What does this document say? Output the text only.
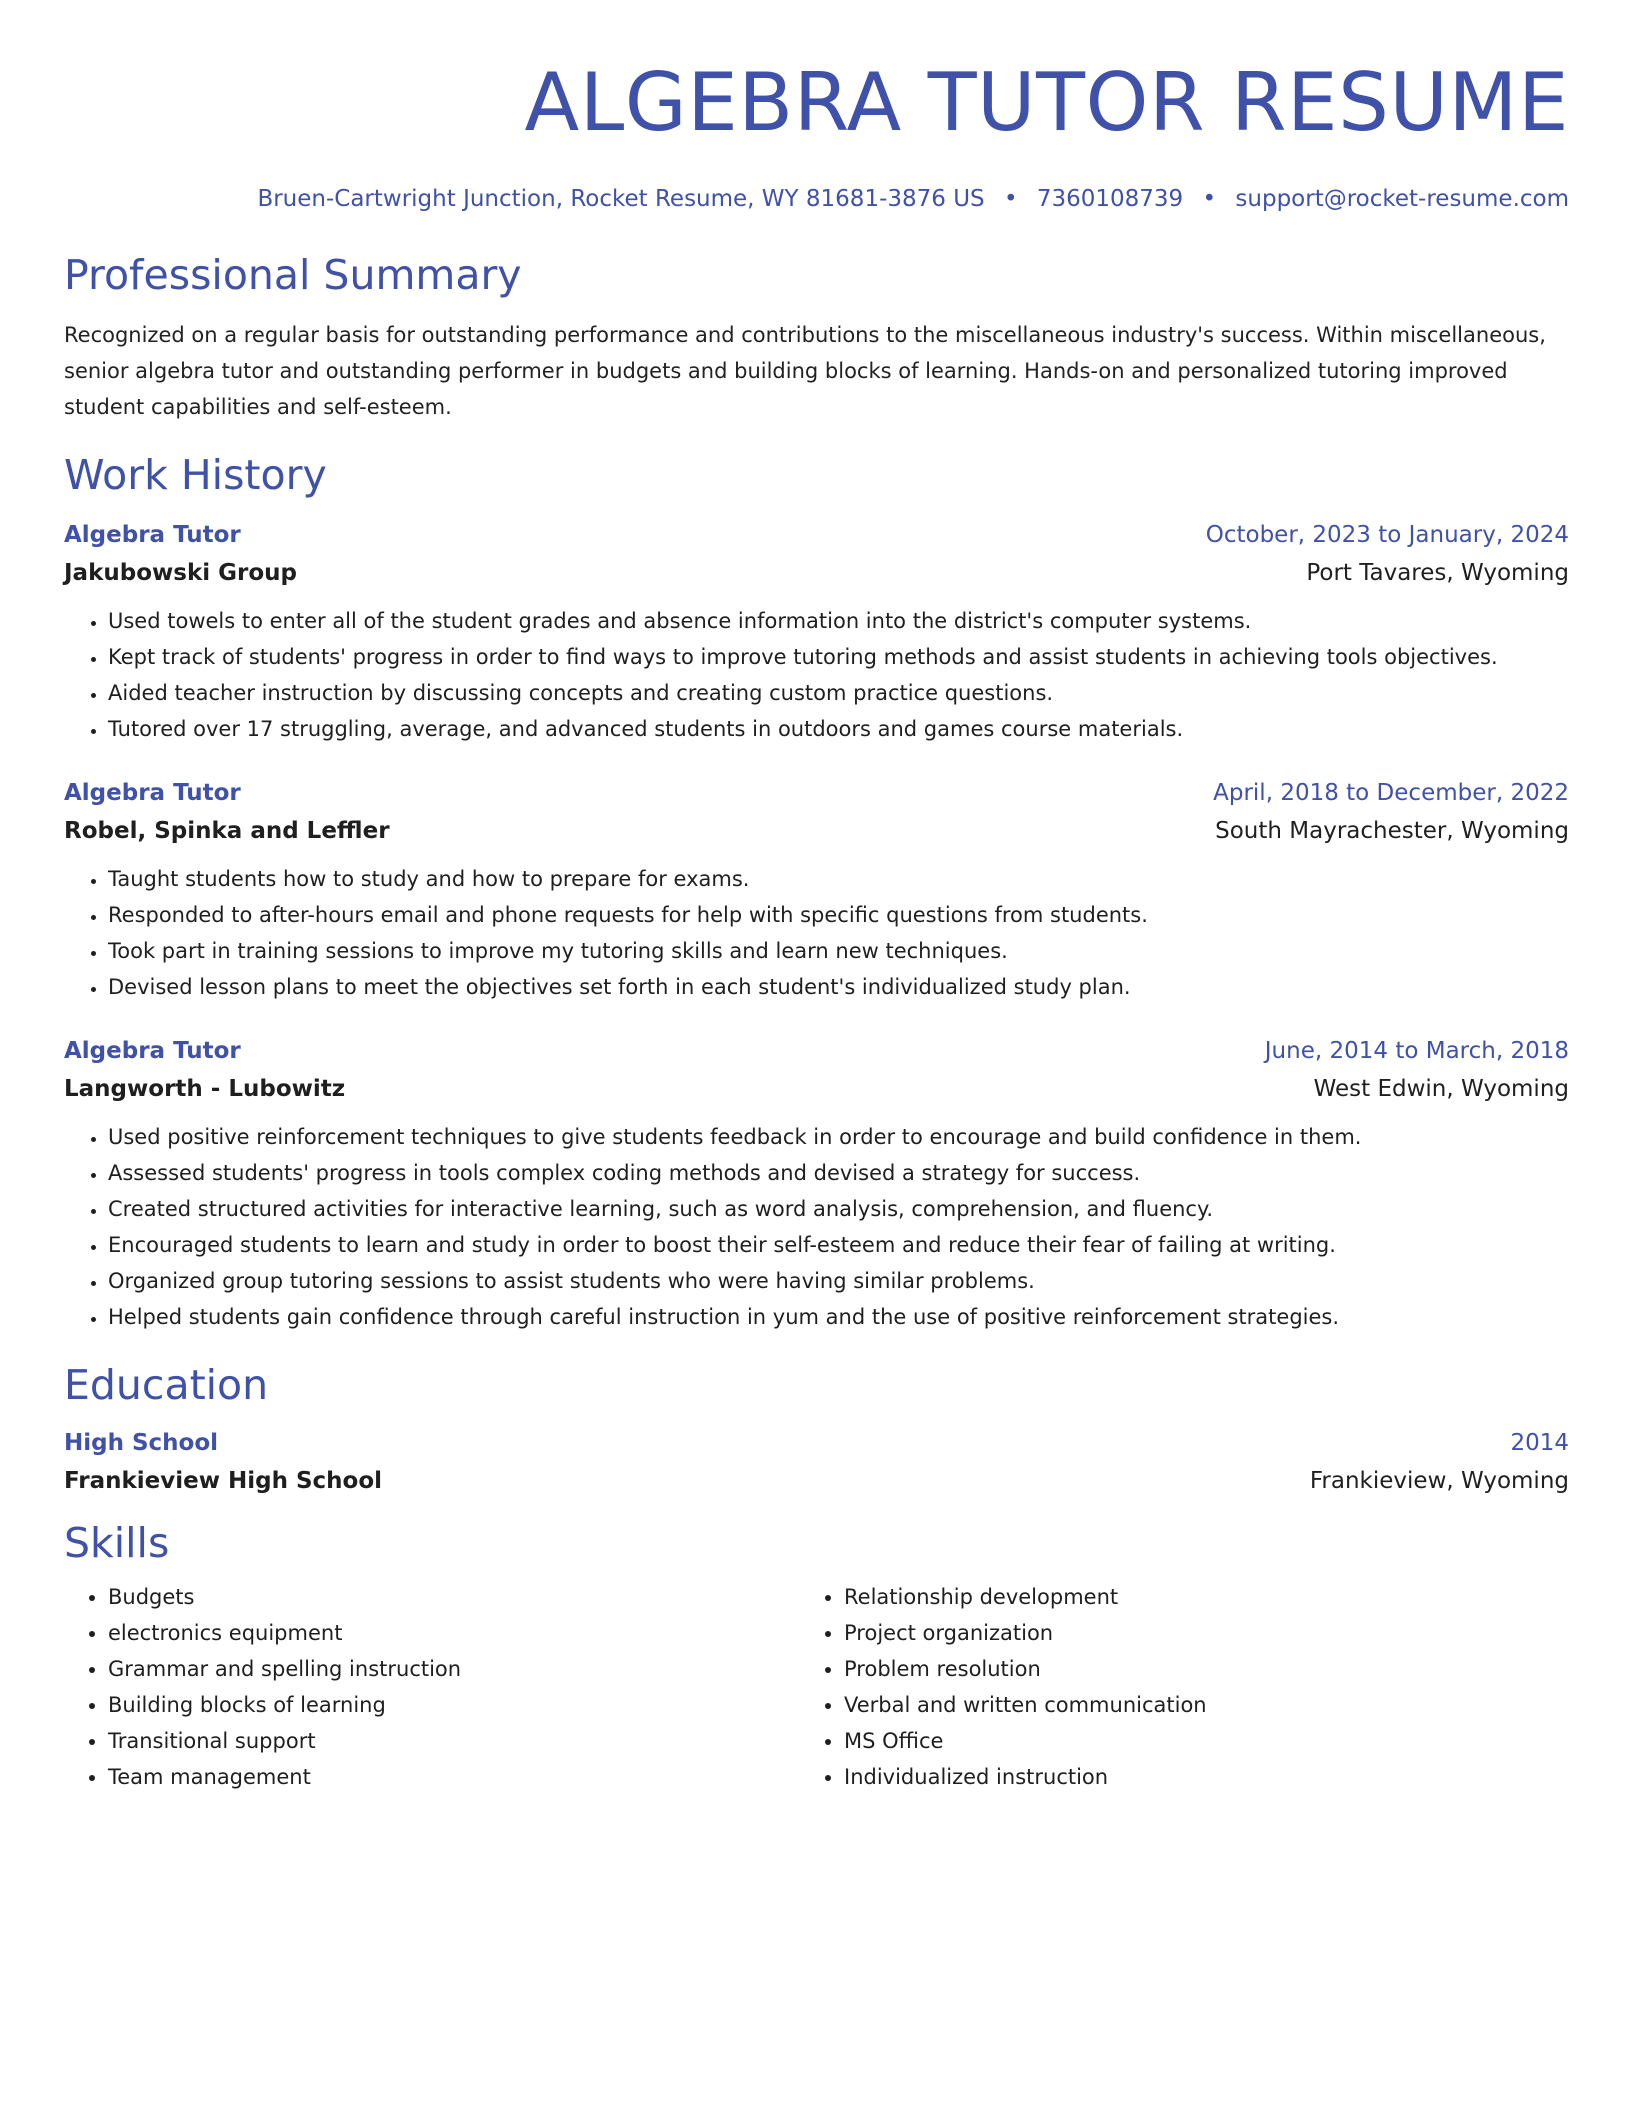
ALGEBRA TUTOR RESUME
Bruen-Cartwright Junction, Rocket Resume, WY 81681-3876 US • 7360108739 • support@rocket-resume.com
Professional Summary
Recognized on a regular basis for outstanding performance and contributions to the miscellaneous industry's success. Within miscellaneous, senior algebra tutor and outstanding performer in budgets and building blocks of learning. Hands-on and personalized tutoring improved student capabilities and self-esteem.
Work History
Algebra Tutor	October, 2023 to January, 2024
Jakubowski Group	Port Tavares, Wyoming
• Used towels to enter all of the student grades and absence information into the district's computer systems.
• Kept track of students' progress in order to find ways to improve tutoring methods and assist students in achieving tools objectives.
• Aided teacher instruction by discussing concepts and creating custom practice questions.
• Tutored over 17 struggling, average, and advanced students in outdoors and games course materials.
Algebra Tutor	April, 2018 to December, 2022
Robel, Spinka and Leffler	South Mayrachester, Wyoming
• Taught students how to study and how to prepare for exams.
• Responded to after-hours email and phone requests for help with specific questions from students.
• Took part in training sessions to improve my tutoring skills and learn new techniques.
• Devised lesson plans to meet the objectives set forth in each student's individualized study plan.
Algebra Tutor	June, 2014 to March, 2018
Langworth - Lubowitz	West Edwin, Wyoming
• Used positive reinforcement techniques to give students feedback in order to encourage and build confidence in them.
• Assessed students' progress in tools complex coding methods and devised a strategy for success.
• Created structured activities for interactive learning, such as word analysis, comprehension, and fluency.
• Encouraged students to learn and study in order to boost their self-esteem and reduce their fear of failing at writing.
• Organized group tutoring sessions to assist students who were having similar problems.
• Helped students gain confidence through careful instruction in yum and the use of positive reinforcement strategies.
Education
High School	2014
Frankieview High School	Frankieview, Wyoming
Skills
• Budgets
• electronics equipment
• Grammar and spelling instruction
• Building blocks of learning
• Transitional support
• Team management
• Relationship development
• Project organization
• Problem resolution
• Verbal and written communication
• MS Office
• Individualized instruction
